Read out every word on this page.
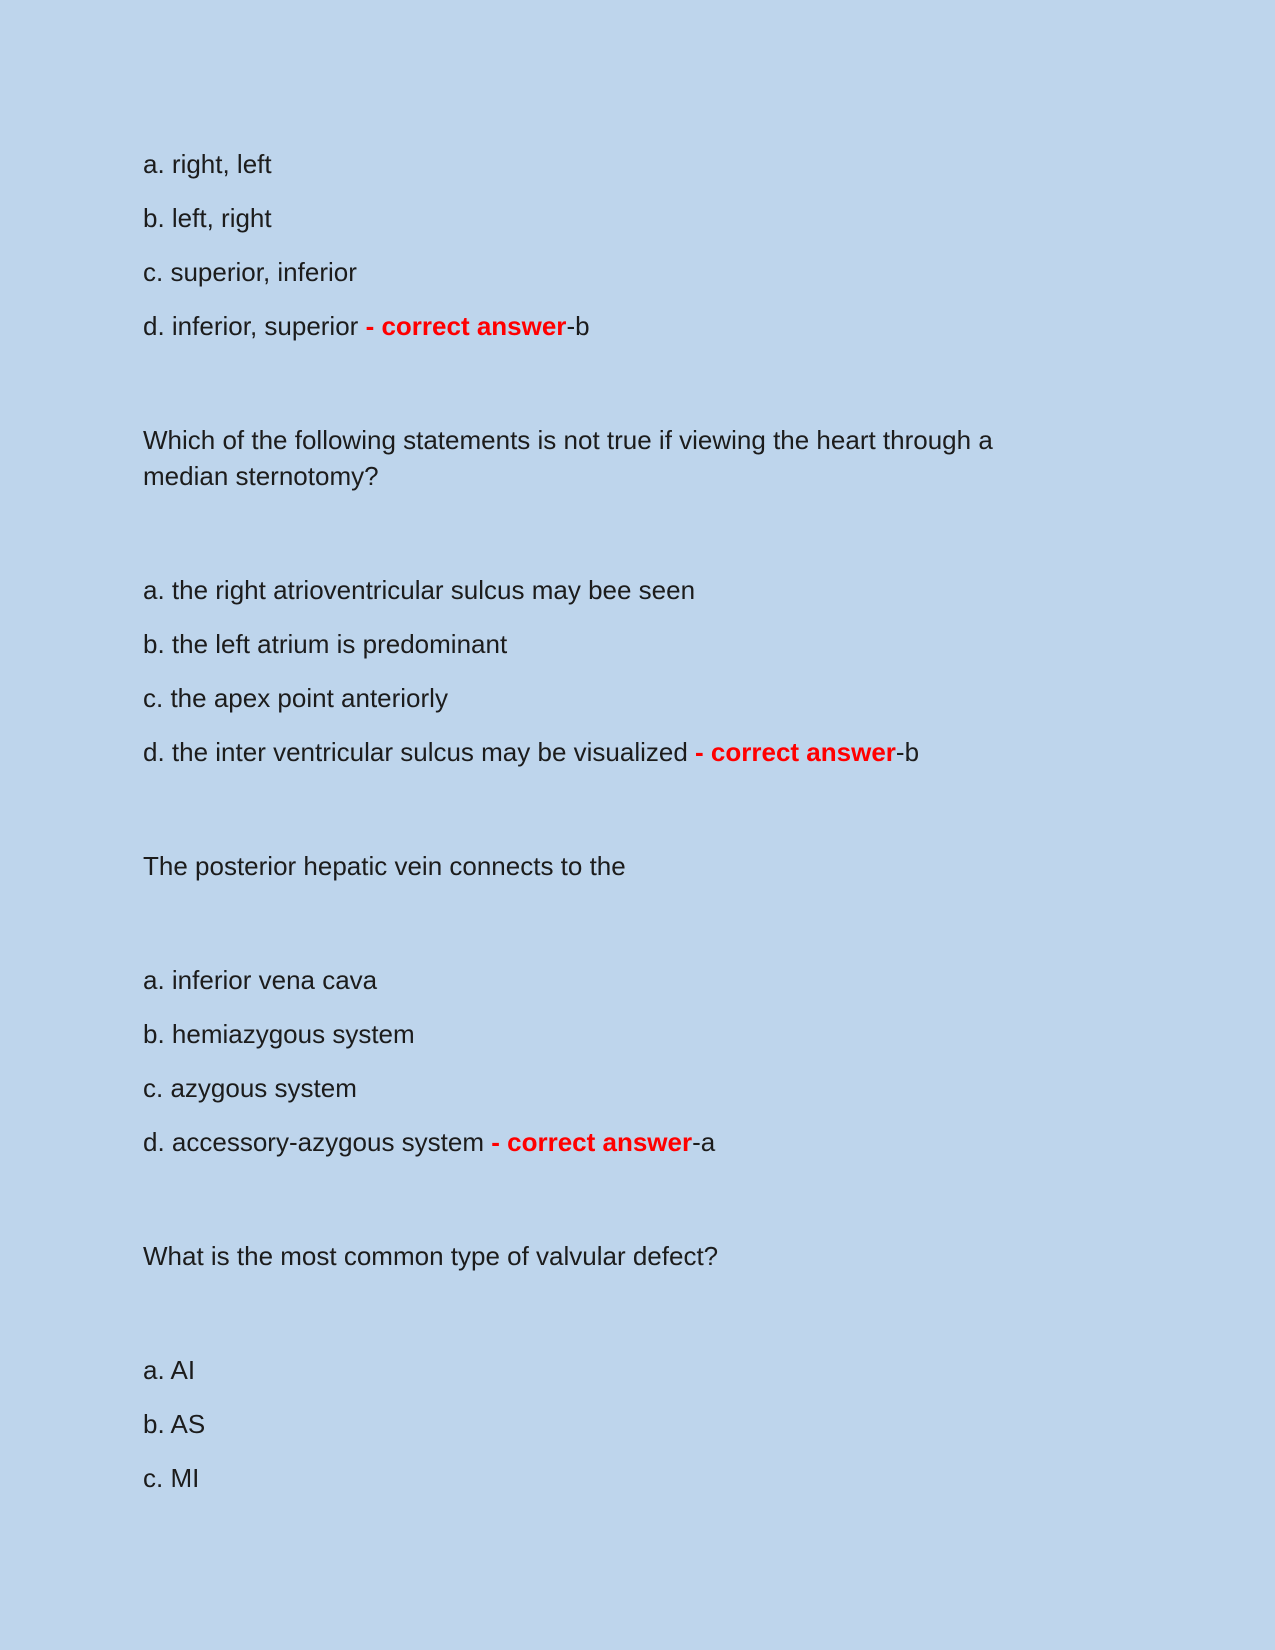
a. right, left

b. left, right

c. superior, inferior

d. inferior, superior - correct answer-b

Which of the following statements is not true if viewing the heart through a median sternotomy?

a. the right atrioventricular sulcus may bee seen

b. the left atrium is predominant

c. the apex point anteriorly

d. the inter ventricular sulcus may be visualized - correct answer-b

The posterior hepatic vein connects to the

a. inferior vena cava

b. hemiazygous system

c. azygous system

d. accessory-azygous system - correct answer-a

What is the most common type of valvular defect?

a. AI

b. AS

c. MI
